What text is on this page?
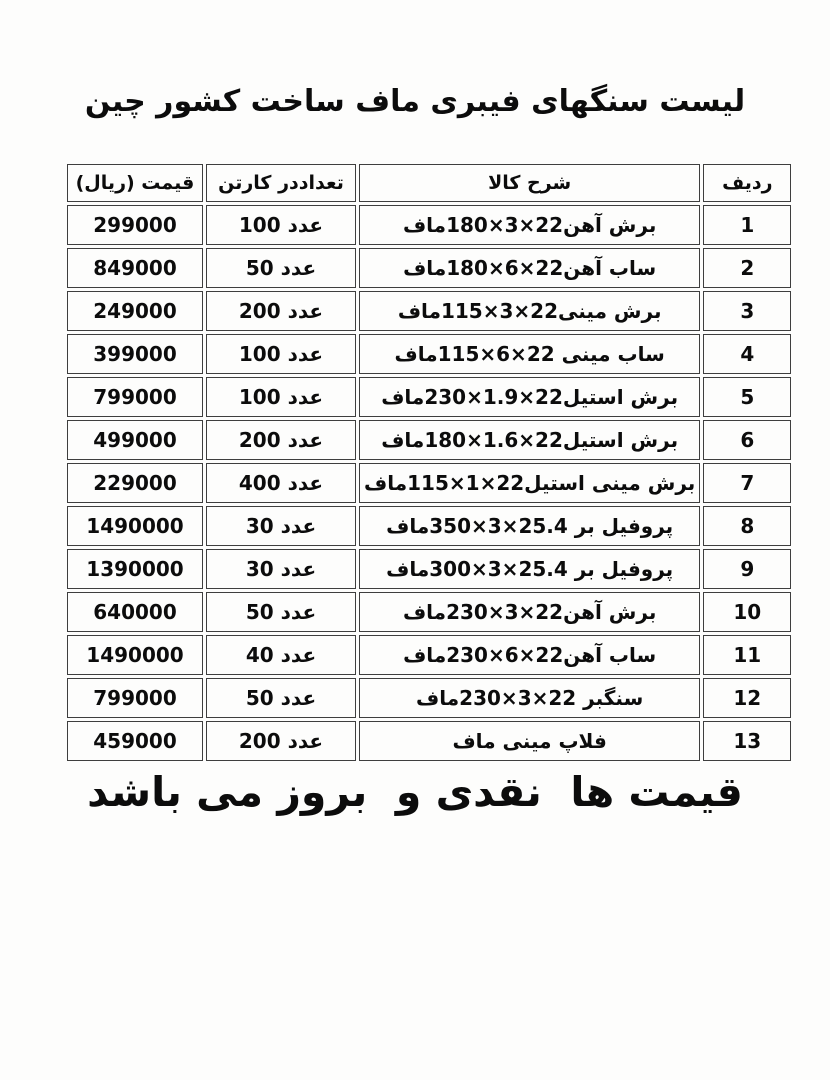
لیست سنگهای فیبری ماف ساخت کشور چین
ردیف	شرح کالا	تعداددر کارتن	قیمت (ریال)
1	برش آهن22×3×180ماف	100 عدد	299000
2	ساب آهن22×6×180ماف	50 عدد	849000
3	برش مینی22×3×115ماف	200 عدد	249000
4	ساب مینی 22×6×115ماف	100 عدد	399000
5	برش استیل22×1.9×230ماف	100 عدد	799000
6	برش استیل22×1.6×180ماف	200 عدد	499000
7	برش مینی استیل22×1×115ماف	400 عدد	229000
8	پروفیل بر 25.4×3×350ماف	30 عدد	1490000
9	پروفیل بر 25.4×3×300ماف	30 عدد	1390000
10	برش آهن22×3×230ماف	50 عدد	640000
11	ساب آهن22×6×230ماف	40 عدد	1490000
12	سنگبر 22×3×230ماف	50 عدد	799000
13	فلاپ مینی ماف	200 عدد	459000
قیمت ها  نقدی و  بروز می باشد
